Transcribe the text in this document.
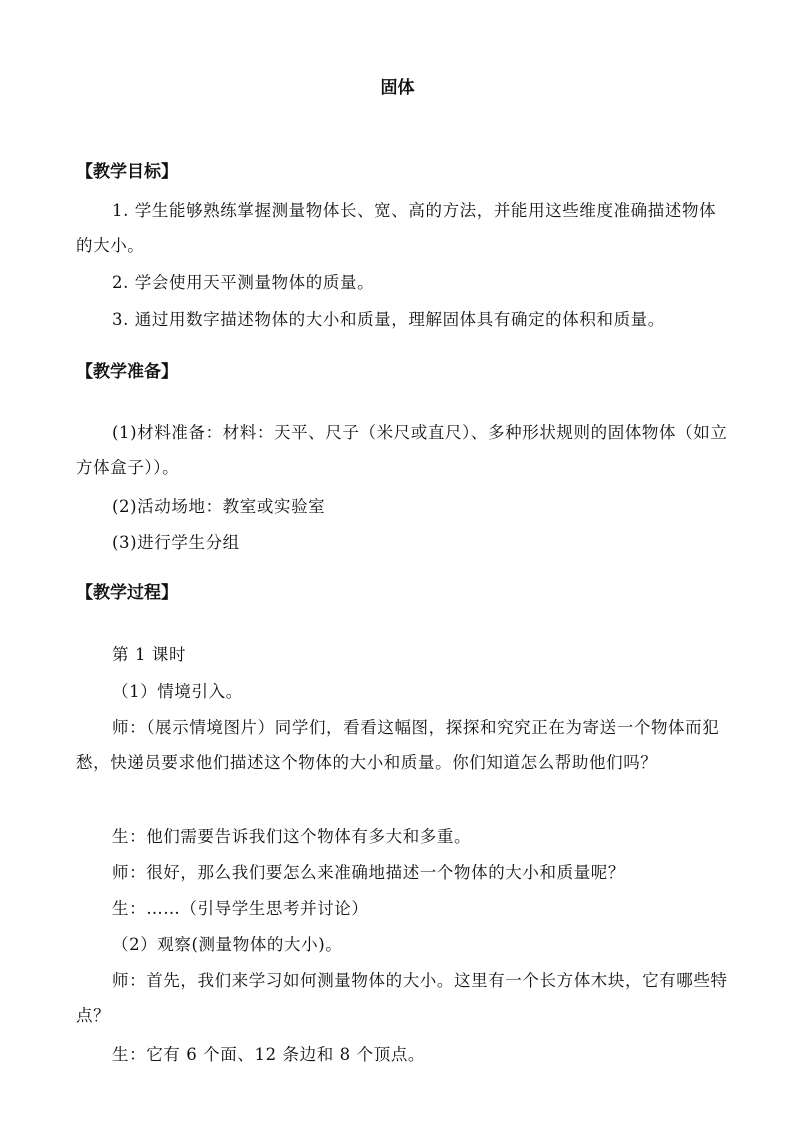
固体
【教学目标】
1. 学生能够熟练掌握测量物体长、宽、高的方法，并能用这些维度准确描述物体的大小。
2. 学会使用天平测量物体的质量。
3. 通过用数字描述物体的大小和质量，理解固体具有确定的体积和质量。
【教学准备】
(1)材料准备：材料：天平、尺子（米尺或直尺）、多种形状规则的固体物体（如立方体盒子））。
(2)活动场地：教室或实验室
(3)进行学生分组
【教学过程】
第 1 课时
（1）情境引入。
师：（展示情境图片）同学们，看看这幅图，探探和究究正在为寄送一个物体而犯愁，快递员要求他们描述这个物体的大小和质量。你们知道怎么帮助他们吗？
生：他们需要告诉我们这个物体有多大和多重。
师：很好，那么我们要怎么来准确地描述一个物体的大小和质量呢？
生：……（引导学生思考并讨论）
（2）观察(测量物体的大小)。
师：首先，我们来学习如何测量物体的大小。这里有一个长方体木块，它有哪些特点？
生：它有 6 个面、12 条边和 8 个顶点。
